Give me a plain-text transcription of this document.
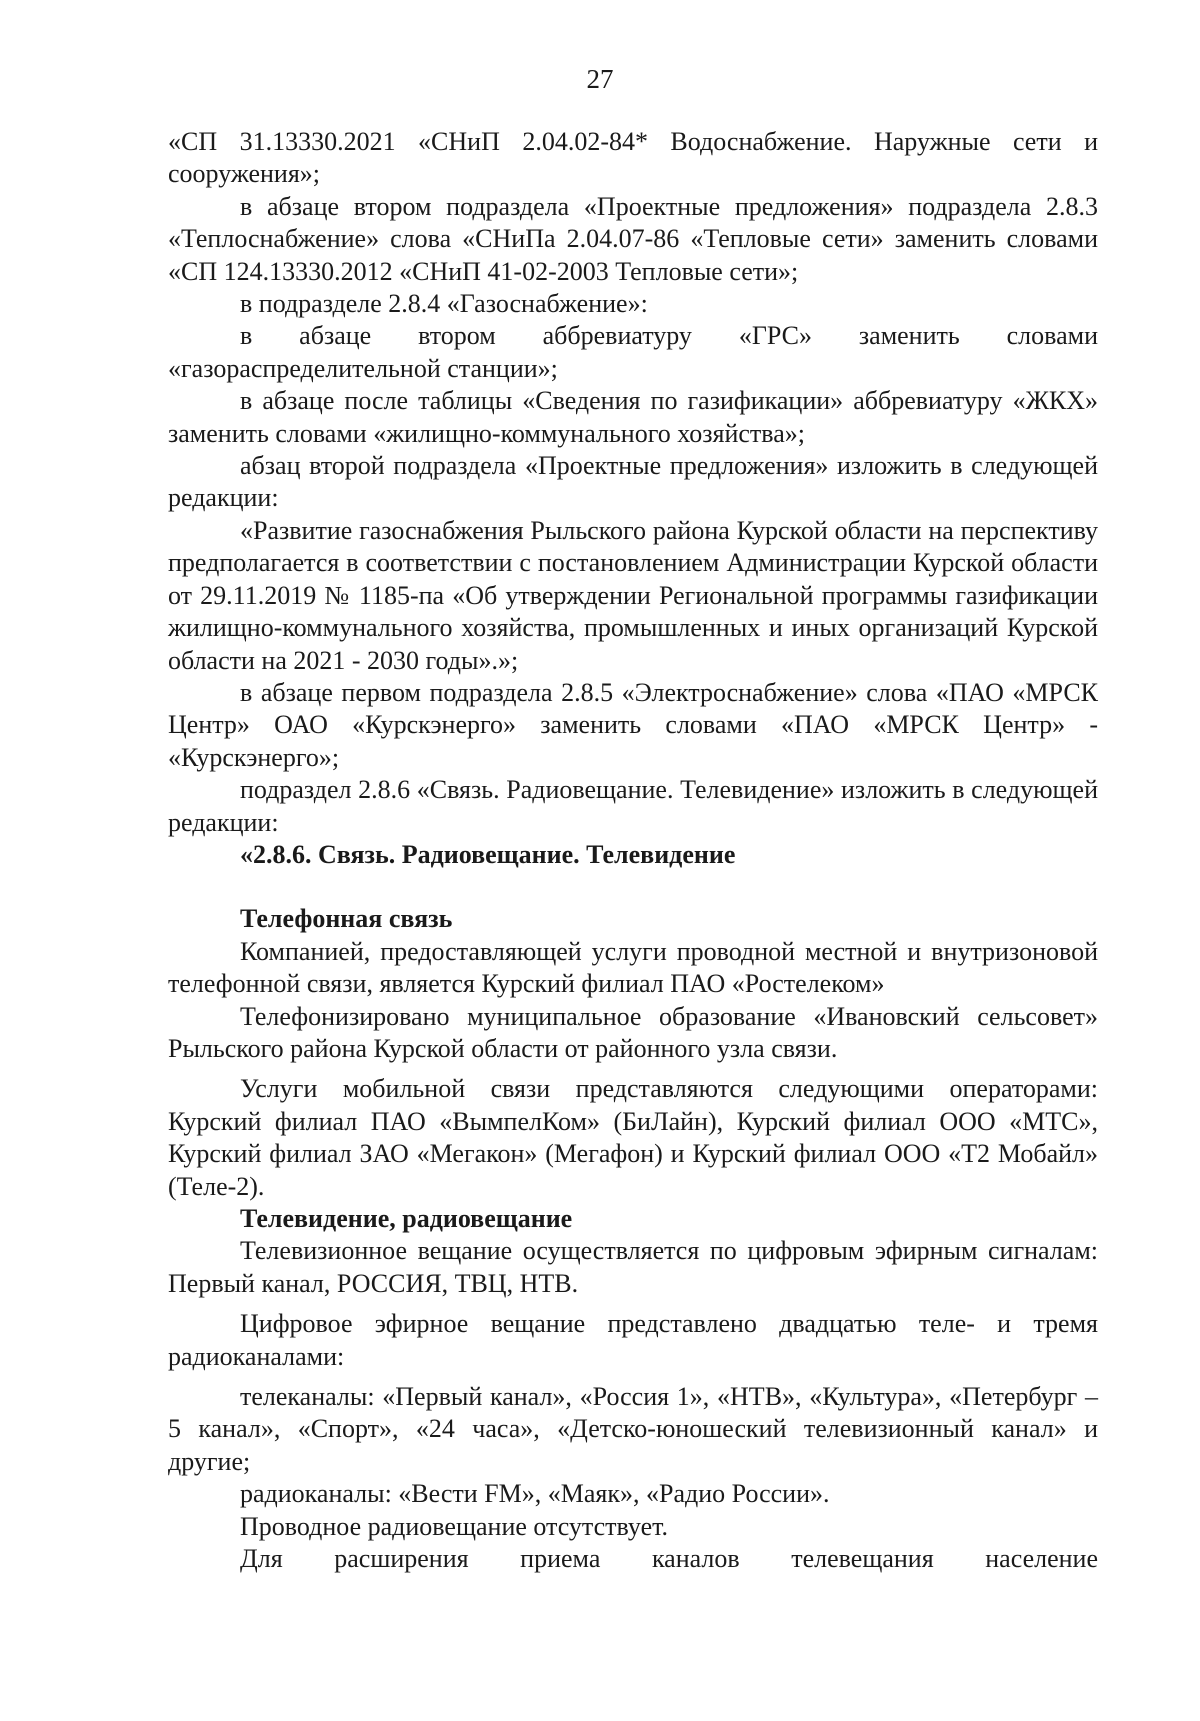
27

«СП 31.13330.2021 «СНиП 2.04.02-84* Водоснабжение. Наружные сети и сооружения»;

в абзаце втором подраздела «Проектные предложения» подраздела 2.8.3 «Теплоснабжение» слова «СНиПа 2.04.07-86 «Тепловые сети» заменить словами «СП 124.13330.2012 «СНиП 41-02-2003 Тепловые сети»;

в подразделе 2.8.4 «Газоснабжение»:

в абзаце втором аббревиатуру «ГРС» заменить словами «газораспределительной станции»;

в абзаце после таблицы «Сведения по газификации» аббревиатуру «ЖКХ» заменить словами «жилищно-коммунального хозяйства»;

абзац второй подраздела «Проектные предложения» изложить в следующей редакции:

«Развитие газоснабжения Рыльского района Курской области на перспективу предполагается в соответствии с постановлением Администрации Курской области от 29.11.2019 № 1185-па «Об утверждении Региональной программы газификации жилищно-коммунального хозяйства, промышленных и иных организаций Курской области на 2021 - 2030 годы».»;

в абзаце первом подраздела 2.8.5 «Электроснабжение» слова «ПАО «МРСК Центр» ОАО «Курскэнерго» заменить словами «ПАО «МРСК Центр» - «Курскэнерго»;

подраздел 2.8.6 «Связь. Радиовещание. Телевидение» изложить в следующей редакции:

«2.8.6. Связь. Радиовещание. Телевидение

Телефонная связь

Компанией, предоставляющей услуги проводной местной и внутризоновой телефонной связи, является Курский филиал ПАО «Ростелеком»

Телефонизировано муниципальное образование «Ивановский сельсовет» Рыльского района Курской области от районного узла связи.

Услуги мобильной связи представляются следующими операторами: Курский филиал ПАО «ВымпелКом» (БиЛайн), Курский филиал ООО «МТС», Курский филиал ЗАО «Мегакон» (Мегафон) и Курский филиал ООО «Т2 Мобайл» (Теле-2).

Телевидение, радиовещание

Телевизионное вещание осуществляется по цифровым эфирным сигналам: Первый канал, РОССИЯ, ТВЦ, НТВ.

Цифровое эфирное вещание представлено двадцатью теле- и тремя радиоканалами:

телеканалы: «Первый канал», «Россия 1», «НТВ», «Культура», «Петербург – 5 канал», «Спорт», «24 часа», «Детско-юношеский телевизионный канал» и другие;

радиоканалы: «Вести FM», «Маяк», «Радио России».

Проводное радиовещание отсутствует.

Для расширения приема каналов телевещания население
